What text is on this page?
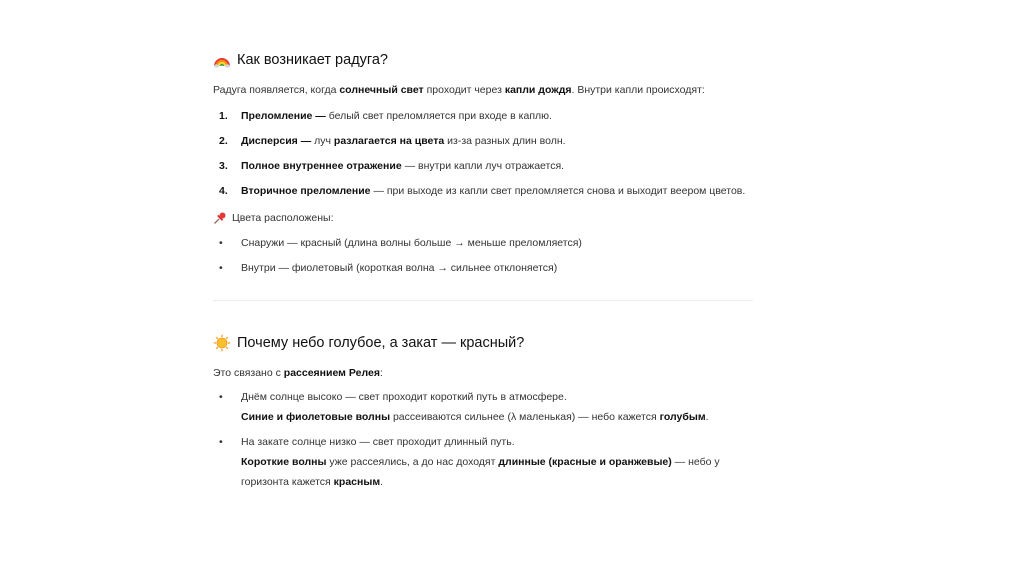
Как возникает радуга?
Радуга появляется, когда солнечный свет проходит через капли дождя. Внутри капли происходят:
1.	Преломление — белый свет преломляется при входе в каплю.
2.	Дисперсия — луч разлагается на цвета из-за разных длин волн.
3.	Полное внутреннее отражение — внутри капли луч отражается.
4.	Вторичное преломление — при выходе из капли свет преломляется снова и выходит веером цветов.
Цвета расположены:
•	Снаружи — красный (длина волны больше → меньше преломляется)
•	Внутри — фиолетовый (короткая волна → сильнее отклоняется)
Почему небо голубое, а закат — красный?
Это связано с рассеянием Релея:
•	Днём солнце высоко — свет проходит короткий путь в атмосфере.
Синие и фиолетовые волны рассеиваются сильнее (λ маленькая) — небо кажется голубым.
•	На закате солнце низко — свет проходит длинный путь.
Короткие волны уже рассеялись, а до нас доходят длинные (красные и оранжевые) — небо у горизонта кажется красным.
